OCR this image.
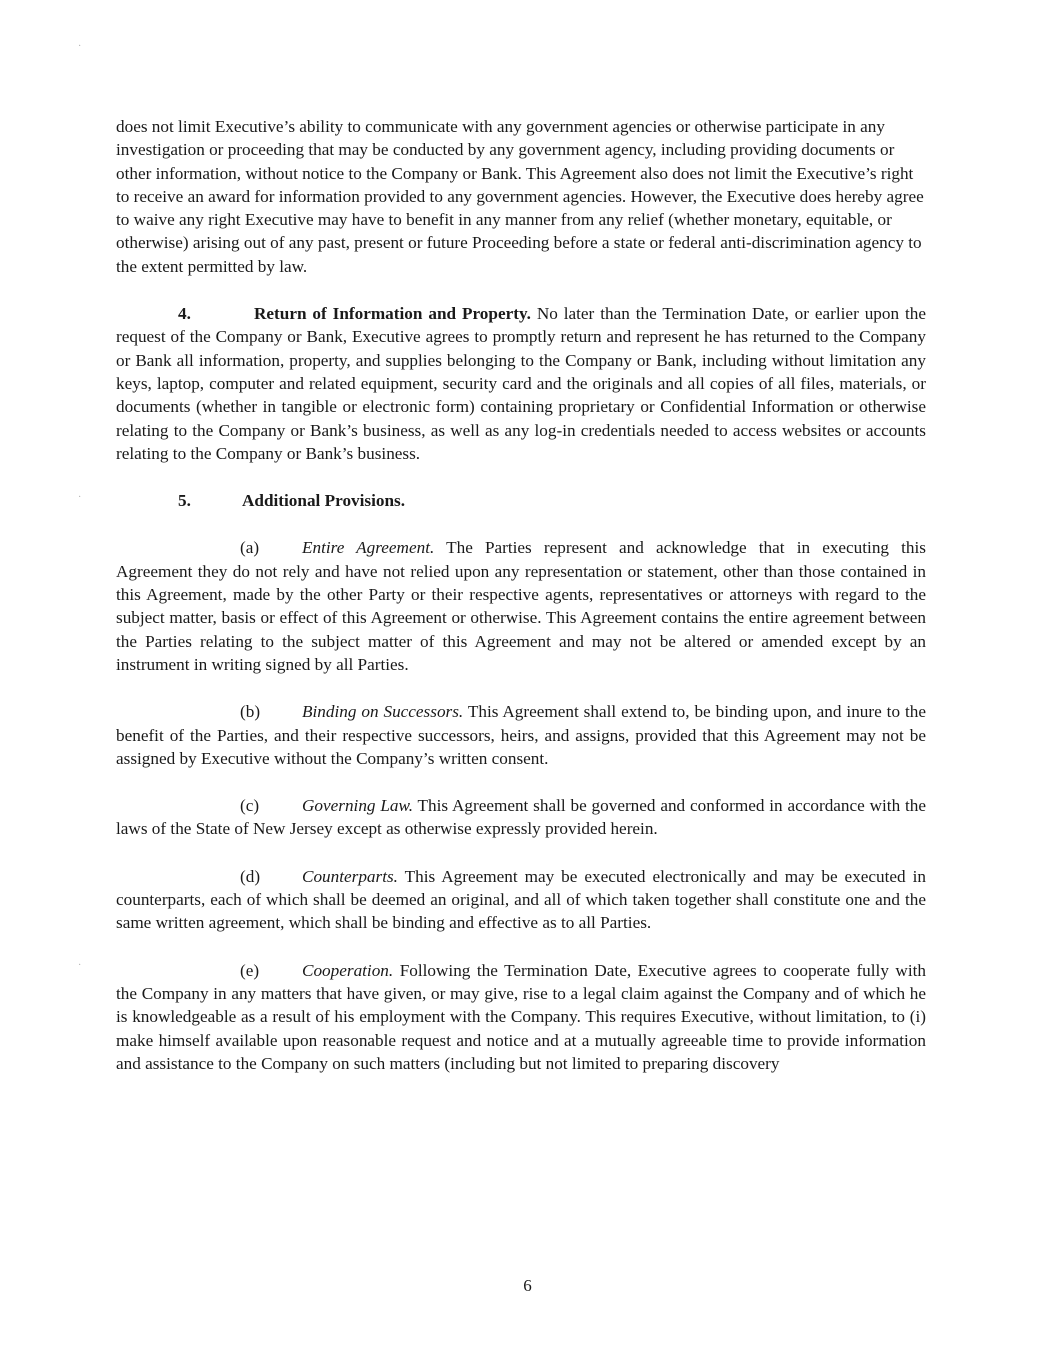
does not limit Executive’s ability to communicate with any government agencies or otherwise participate in any investigation or proceeding that may be conducted by any government agency, including providing documents or other information, without notice to the Company or Bank. This Agreement also does not limit the Executive’s right to receive an award for information provided to any government agencies. However, the Executive does hereby agree to waive any right Executive may have to benefit in any manner from any relief (whether monetary, equitable, or otherwise) arising out of any past, present or future Proceeding before a state or federal anti-discrimination agency to the extent permitted by law.

4.	Return of Information and Property. No later than the Termination Date, or earlier upon the request of the Company or Bank, Executive agrees to promptly return and represent he has returned to the Company or Bank all information, property, and supplies belonging to the Company or Bank, including without limitation any keys, laptop, computer and related equipment, security card and the originals and all copies of all files, materials, or documents (whether in tangible or electronic form) containing proprietary or Confidential Information or otherwise relating to the Company or Bank’s business, as well as any log-in credentials needed to access websites or accounts relating to the Company or Bank’s business.

5.	Additional Provisions.

(a) Entire Agreement. The Parties represent and acknowledge that in executing this Agreement they do not rely and have not relied upon any representation or statement, other than those contained in this Agreement, made by the other Party or their respective agents, representatives or attorneys with regard to the subject matter, basis or effect of this Agreement or otherwise. This Agreement contains the entire agreement between the Parties relating to the subject matter of this Agreement and may not be altered or amended except by an instrument in writing signed by all Parties.

(b) Binding on Successors. This Agreement shall extend to, be binding upon, and inure to the benefit of the Parties, and their respective successors, heirs, and assigns, provided that this Agreement may not be assigned by Executive without the Company’s written consent.

(c) Governing Law. This Agreement shall be governed and conformed in accordance with the laws of the State of New Jersey except as otherwise expressly provided herein.

(d) Counterparts. This Agreement may be executed electronically and may be executed in counterparts, each of which shall be deemed an original, and all of which taken together shall constitute one and the same written agreement, which shall be binding and effective as to all Parties.

(e) Cooperation. Following the Termination Date, Executive agrees to cooperate fully with the Company in any matters that have given, or may give, rise to a legal claim against the Company and of which he is knowledgeable as a result of his employment with the Company. This requires Executive, without limitation, to (i) make himself available upon reasonable request and notice and at a mutually agreeable time to provide information and assistance to the Company on such matters (including but not limited to preparing discovery

·
·
·
6
